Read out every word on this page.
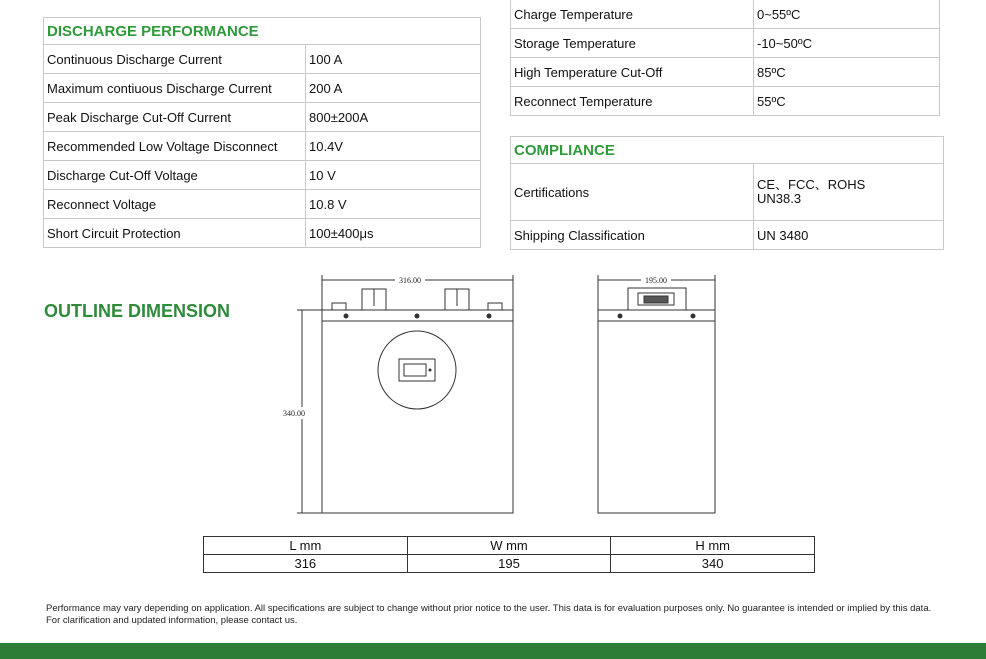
DISCHARGE PERFORMANCE	
Continuous Discharge Current	100 A
Maximum contiuous Discharge Current	200 A
Peak Discharge Cut-Off Current	800±200A
Recommended Low Voltage Disconnect	10.4V
Discharge Cut-Off Voltage	10 V
Reconnect Voltage	10.8 V
Short Circuit Protection	100±400μs
Charge Temperature	0~55ºC
Storage Temperature	-10~50ºC
High Temperature Cut-Off	85ºC
Reconnect Temperature	55ºC
COMPLIANCE	
Certifications	CE、FCC、ROHS
UN38.3

Shipping Classification	UN 3480
OUTLINE DIMENSION
316.00	195.00
340.00
L mm	W mm	H mm
316	195	340
Performance may vary depending on application. All specifications are subject to change without prior notice to the user. This data is for evaluation purposes only. No guarantee is intended or implied by this data. For clarification and updated information, please contact us.
